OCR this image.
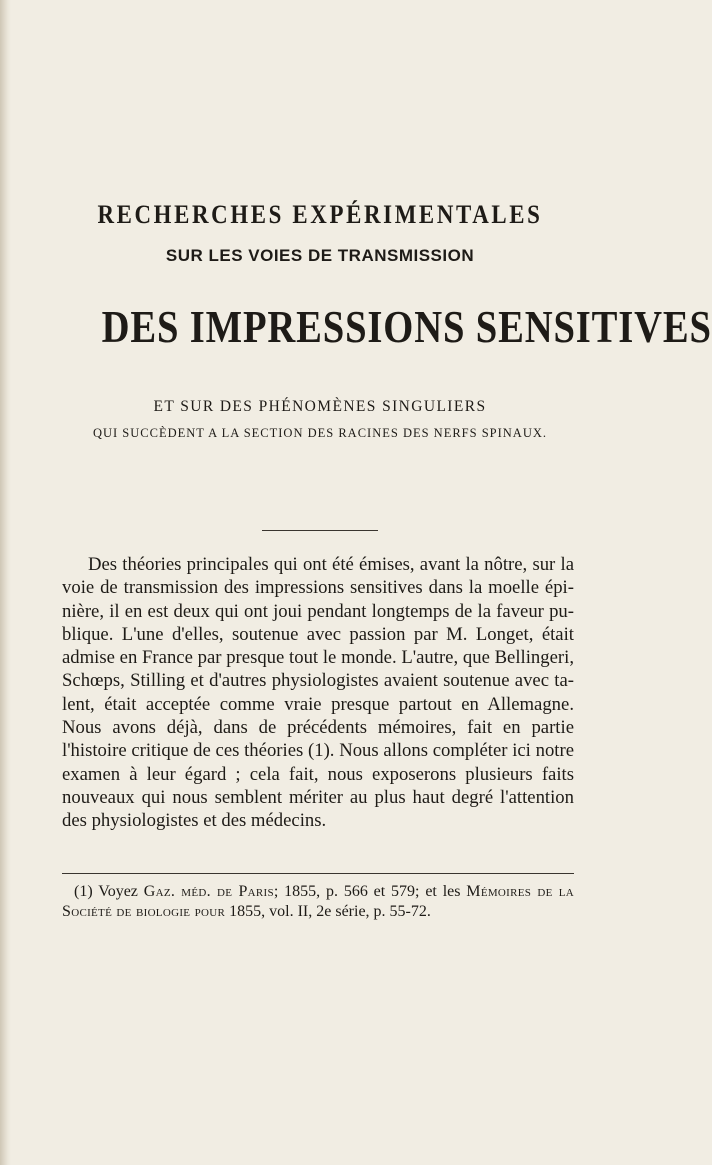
RECHERCHES EXPÉRIMENTALES
SUR LES VOIES DE TRANSMISSION
DES IMPRESSIONS SENSITIVES
ET SUR DES PHÉNOMÈNES SINGULIERS
QUI SUCCÈDENT A LA SECTION DES RACINES DES NERFS SPINAUX.

Des théories principales qui ont été émises, avant la nôtre, sur la voie de transmission des impressions sensitives dans la moelle épinière, il en est deux qui ont joui pendant longtemps de la faveur publique. L'une d'elles, soutenue avec passion par M. Longet, était admise en France par presque tout le monde. L'autre, que Bellingeri, Schœps, Stilling et d'autres physiologistes avaient soutenue avec talent, était acceptée comme vraie presque partout en Allemagne. Nous avons déjà, dans de précédents mémoires, fait en partie l'histoire critique de ces théories (1). Nous allons compléter ici notre examen à leur égard ; cela fait, nous exposerons plusieurs faits nouveaux qui nous semblent mériter au plus haut degré l'attention des physiologistes et des médecins.

(1) Voyez Gaz. méd. de Paris; 1855, p. 566 et 579; et les Mémoires de la Société de biologie pour 1855, vol. II, 2e série, p. 55-72.
